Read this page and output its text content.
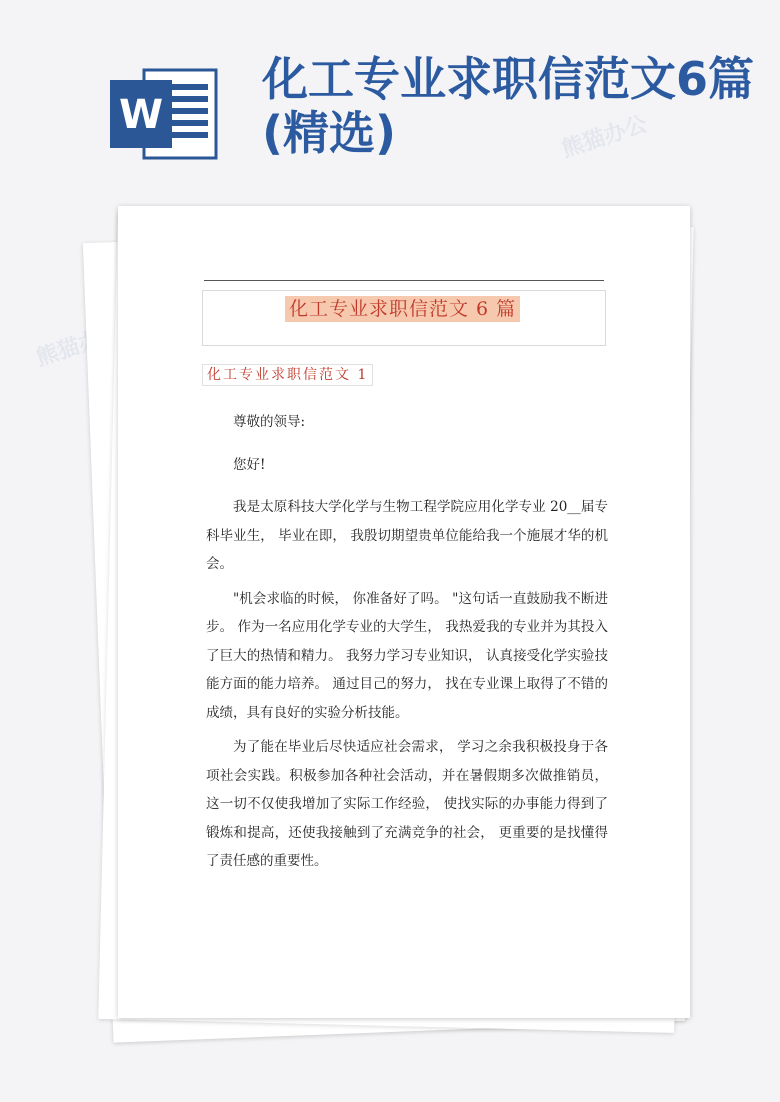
W
化工专业求职信范文6篇(精选)
熊猫办公
熊猫办公
化工专业求职信范文 6 篇
化工专业求职信范文 1

尊敬的领导:

您好!

我是太原科技大学化学与生物工程学院应用化学专业 20__届专科毕业生， 毕业在即， 我殷切期望贵单位能给我一个施展才华的机会。

"机会求临的时候， 你准备好了吗。 "这句话一直鼓励我不断进步。 作为一名应用化学专业的大学生， 我热爱我的专业并为其投入了巨大的热情和精力。 我努力学习专业知识， 认真接受化学实验技能方面的能力培养。 通过目己的努力， 找在专业课上取得了不错的成绩，具有良好的实验分析技能。

为了能在毕业后尽快适应社会需求， 学习之余我积极投身于各项社会实践。积极参加各种社会活动，并在暑假期多次做推销员，这一切不仅使我增加了实际工作经验， 使找实际的办事能力得到了锻炼和提高，还使我接触到了充满竞争的社会， 更重要的是找懂得了责任感的重要性。
